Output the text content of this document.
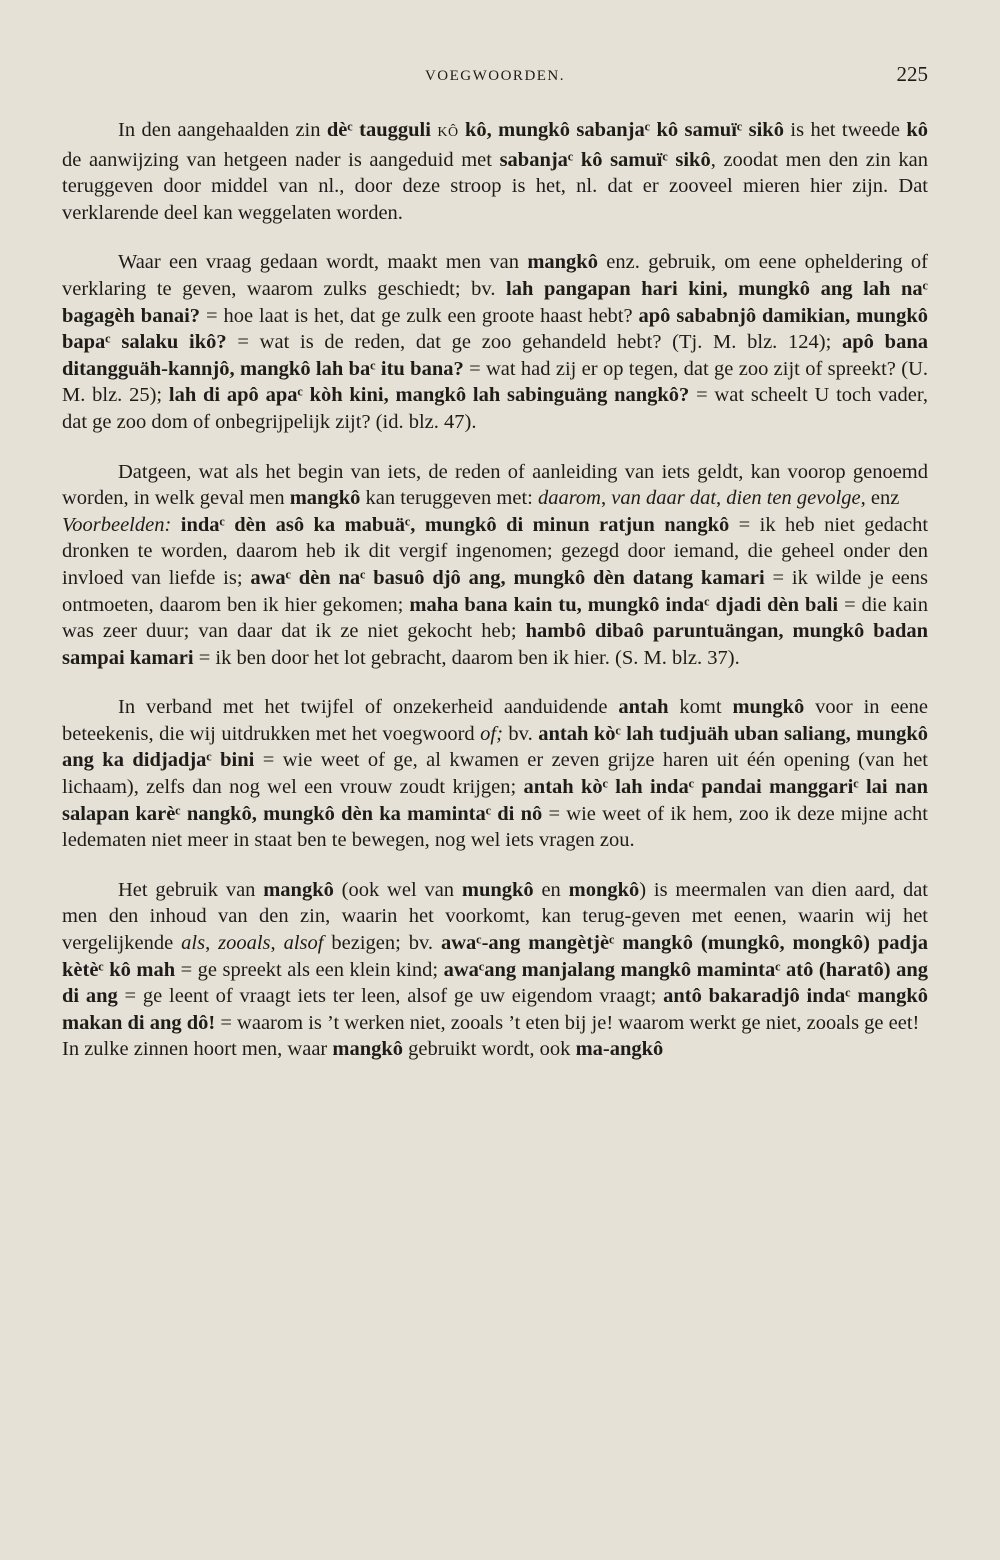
VOEGWOORDEN.	225

In den aangehaalden zin dèᶜ taugguli KÔ kô, mungkô sabanjaᶜ kô samuïᶜ sikô is het tweede kô de aanwijzing van hetgeen nader is aangeduid met sabanjaᶜ kô samuïᶜ sikô, zoodat men den zin kan teruggeven door middel van nl., door deze stroop is het, nl. dat er zooveel mieren hier zijn. Dat verklarende deel kan weggelaten worden.

Waar een vraag gedaan wordt, maakt men van mangkô enz. gebruik, om eene opheldering of verklaring te geven, waarom zulks geschiedt; bv. lah pangapan hari kini, mungkô ang lah naᶜ bagagèh banai? = hoe laat is het, dat ge zulk een groote haast hebt? apô sababnjô damikian, mungkô bapaᶜ salaku ikô? = wat is de reden, dat ge zoo gehandeld hebt? (Tj. M. blz. 124); apô bana ditangguäh-kannjô, mangkô lah baᶜ itu bana? = wat had zij er op tegen, dat ge zoo zijt of spreekt? (U. M. blz. 25); lah di apô apaᶜ kòh kini, mangkô lah sabinguäng nangkô? = wat scheelt U toch vader, dat ge zoo dom of onbegrijpelijk zijt? (id. blz. 47).

Datgeen, wat als het begin van iets, de reden of aanleiding van iets geldt, kan voorop genoemd worden, in welk geval men mangkô kan teruggeven met: daarom, van daar dat, dien ten gevolge, enz
Voorbeelden: indaᶜ dèn asô ka mabuäᶜ, mungkô di minun ratjun nangkô = ik heb niet gedacht dronken te worden, daarom heb ik dit vergif ingenomen; gezegd door iemand, die geheel onder den invloed van liefde is; awaᶜ dèn naᶜ basuô djô ang, mungkô dèn datang kamari = ik wilde je eens ontmoeten, daarom ben ik hier gekomen; maha bana kain tu, mungkô indaᶜ djadi dèn bali = die kain was zeer duur; van daar dat ik ze niet gekocht heb; hambô dibaô paruntuängan, mungkô badan sampai kamari = ik ben door het lot gebracht, daarom ben ik hier. (S. M. blz. 37).

In verband met het twijfel of onzekerheid aanduidende antah komt mungkô voor in eene beteekenis, die wij uitdrukken met het voegwoord of; bv. antah kòᶜ lah tudjuäh uban saliang, mungkô ang ka didjadjaᶜ bini = wie weet of ge, al kwamen er zeven grijze haren uit één opening (van het lichaam), zelfs dan nog wel een vrouw zoudt krijgen; antah kòᶜ lah indaᶜ pandai manggariᶜ lai nan salapan karèᶜ nangkô, mungkô dèn ka mamintaᶜ di nô = wie weet of ik hem, zoo ik deze mijne acht ledematen niet meer in staat ben te bewegen, nog wel iets vragen zou.

Het gebruik van mangkô (ook wel van mungkô en mongkô) is meermalen van dien aard, dat men den inhoud van den zin, waarin het voorkomt, kan terug-geven met eenen, waarin wij het vergelijkende als, zooals, alsof bezigen; bv. awaᶜ-ang mangètjèᶜ mangkô (mungkô, mongkô) padja kètèᶜ kô mah = ge spreekt als een klein kind; awaᶜang manjalang mangkô mamintaᶜ atô (haratô) ang di ang = ge leent of vraagt iets ter leen, alsof ge uw eigendom vraagt; antô bakaradjô indaᶜ mangkô makan di ang dô! = waarom is ’t werken niet, zooals ’t eten bij je! waarom werkt ge niet, zooals ge eet!
In zulke zinnen hoort men, waar mangkô gebruikt wordt, ook ma-angkô
